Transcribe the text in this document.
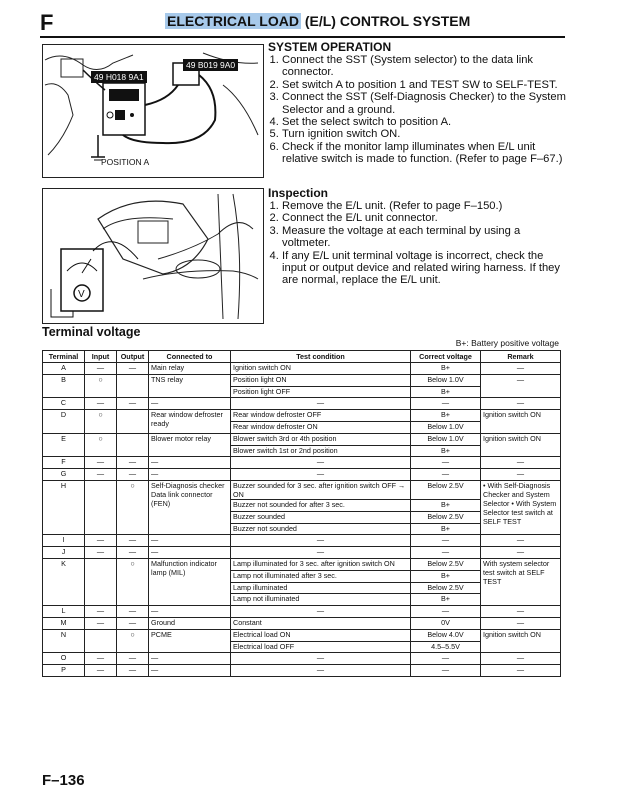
F	ELECTRICAL LOAD (E/L) CONTROL SYSTEM
49 B019 9A0
49 H018 9A1
POSITION A
V
SYSTEM OPERATION
1. Connect the SST (System selector) to the data link connector.
2. Set switch A to position 1 and TEST SW to SELF-TEST.
3. Connect the SST (Self-Diagnosis Checker) to the System Selector and a ground.
4. Set the select switch to position A.
5. Turn ignition switch ON.
6. Check if the monitor lamp illuminates when E/L unit relative switch is made to function. (Refer to page F–67.)
Inspection
1. Remove the E/L unit. (Refer to page F–150.)
2. Connect the E/L unit connector.
3. Measure the voltage at each terminal by using a voltmeter.
4. If any E/L unit terminal voltage is incorrect, check the input or output device and related wiring harness. If they are normal, replace the E/L unit.
Terminal voltage
B+: Battery positive voltage
Terminal	Input	Output	Connected to	Test condition	Correct voltage	Remark
A	—	—	Main relay	Ignition switch ON	B+	—
B	○		TNS relay	Position light ON	Below 1.0V	—
				Position light OFF	B+	
C	—	—	—	—	—	—
D	○		Rear window defroster ready	Rear window defroster OFF	B+	Ignition switch ON
				Rear window defroster ON	Below 1.0V	
E	○		Blower motor relay	Blower switch 3rd or 4th position	Below 1.0V	Ignition switch ON
				Blower switch 1st or 2nd position	B+	
F	—	—	—	—	—	—
G	—	—	—	—	—	—
H		○	Self-Diagnosis checker Data link connector (FEN)	Buzzer sounded for 3 sec. after ignition switch OFF → ON	Below 2.5V	• With Self-Diagnosis Checker and System Selector • With System Selector test switch at SELF TEST
				Buzzer not sounded for after 3 sec.	B+	
				Buzzer sounded	Below 2.5V	
				Buzzer not sounded	B+	
I	—	—	—	—	—	—
J	—	—	—	—	—	—
K		○	Malfunction indicator lamp (MIL)	Lamp illuminated for 3 sec. after ignition switch ON	Below 2.5V	With system selector test switch at SELF TEST
				Lamp not illuminated after 3 sec.	B+	
				Lamp illuminated	Below 2.5V	
				Lamp not illuminated	B+	
L	—	—	—	—	—	—
M	—	—	Ground	Constant	0V	—
N		○	PCME	Electrical load ON	Below 4.0V	Ignition switch ON
				Electrical load OFF	4.5–5.5V	
O	—	—	—	—	—	—
P	—	—	—	—	—	—
F–136
